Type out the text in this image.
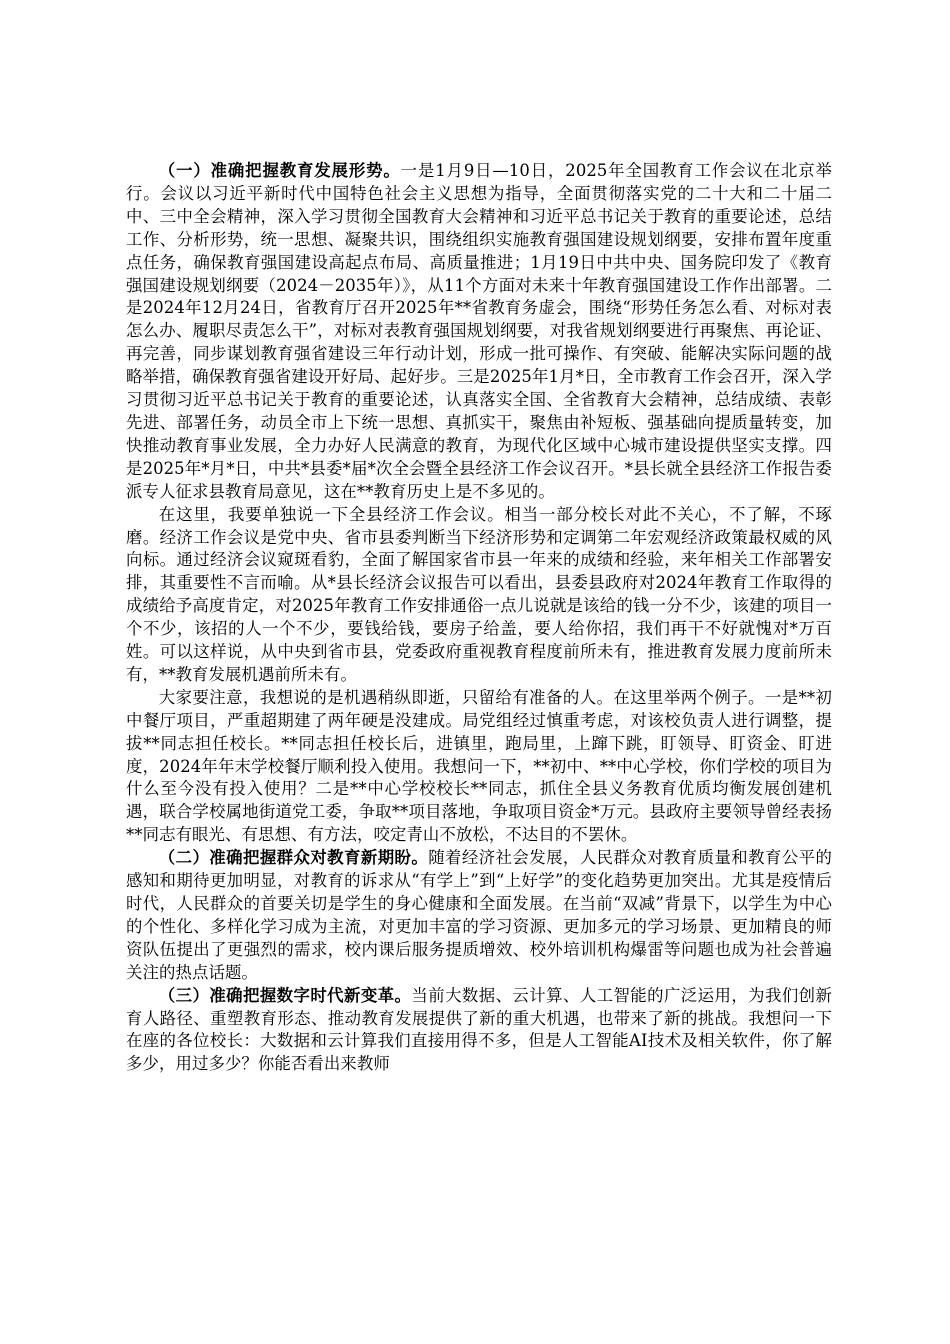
（一）准确把握教育发展形势。一是1月9日—10日，2025年全国教育工作会议在北京举行。会议以习近平新时代中国特色社会主义思想为指导，全面贯彻落实党的二十大和二十届二中、三中全会精神，深入学习贯彻全国教育大会精神和习近平总书记关于教育的重要论述，总结工作、分析形势，统一思想、凝聚共识，围绕组织实施教育强国建设规划纲要，安排布置年度重点任务，确保教育强国建设高起点布局、高质量推进；1月19日中共中央、国务院印发了《教育强国建设规划纲要（2024－2035年）》，从11个方面对未来十年教育强国建设工作作出部署。二是2024年12月24日，省教育厅召开2025年**省教育务虚会，围绕“形势任务怎么看、对标对表怎么办、履职尽责怎么干”，对标对表教育强国规划纲要，对我省规划纲要进行再聚焦、再论证、再完善，同步谋划教育强省建设三年行动计划，形成一批可操作、有突破、能解决实际问题的战略举措，确保教育强省建设开好局、起好步。三是2025年1月*日，全市教育工作会召开，深入学习贯彻习近平总书记关于教育的重要论述，认真落实全国、全省教育大会精神，总结成绩、表彰先进、部署任务，动员全市上下统一思想、真抓实干，聚焦由补短板、强基础向提质量转变，加快推动教育事业发展，全力办好人民满意的教育，为现代化区域中心城市建设提供坚实支撑。四是2025年*月*日，中共*县委*届*次全会暨全县经济工作会议召开。*县长就全县经济工作报告委派专人征求县教育局意见，这在**教育历史上是不多见的。

在这里，我要单独说一下全县经济工作会议。相当一部分校长对此不关心，不了解，不琢磨。经济工作会议是党中央、省市县委判断当下经济形势和定调第二年宏观经济政策最权威的风向标。通过经济会议窥斑看豹，全面了解国家省市县一年来的成绩和经验，来年相关工作部署安排，其重要性不言而喻。从*县长经济会议报告可以看出，县委县政府对2024年教育工作取得的成绩给予高度肯定，对2025年教育工作安排通俗一点儿说就是该给的钱一分不少，该建的项目一个不少，该招的人一个不少，要钱给钱，要房子给盖，要人给你招，我们再干不好就愧对*万百姓。可以这样说，从中央到省市县，党委政府重视教育程度前所未有，推进教育发展力度前所未有，**教育发展机遇前所未有。

大家要注意，我想说的是机遇稍纵即逝，只留给有准备的人。在这里举两个例子。一是**初中餐厅项目，严重超期建了两年硬是没建成。局党组经过慎重考虑，对该校负责人进行调整，提拔**同志担任校长。**同志担任校长后，进镇里，跑局里，上蹿下跳，盯领导、盯资金、盯进度，2024年年末学校餐厅顺利投入使用。我想问一下，**初中、**中心学校，你们学校的项目为什么至今没有投入使用？二是**中心学校校长**同志，抓住全县义务教育优质均衡发展创建机遇，联合学校属地街道党工委，争取**项目落地，争取项目资金*万元。县政府主要领导曾经表扬**同志有眼光、有思想、有方法，咬定青山不放松，不达目的不罢休。

（二）准确把握群众对教育新期盼。随着经济社会发展，人民群众对教育质量和教育公平的感知和期待更加明显，对教育的诉求从“有学上”到“上好学”的变化趋势更加突出。尤其是疫情后时代，人民群众的首要关切是学生的身心健康和全面发展。在当前“双减”背景下，以学生为中心的个性化、多样化学习成为主流，对更加丰富的学习资源、更加多元的学习场景、更加精良的师资队伍提出了更强烈的需求，校内课后服务提质增效、校外培训机构爆雷等问题也成为社会普遍关注的热点话题。

（三）准确把握数字时代新变革。当前大数据、云计算、人工智能的广泛运用，为我们创新育人路径、重塑教育形态、推动教育发展提供了新的重大机遇，也带来了新的挑战。我想问一下在座的各位校长：大数据和云计算我们直接用得不多，但是人工智能AI技术及相关软件，你了解多少，用过多少？你能否看出来教师
